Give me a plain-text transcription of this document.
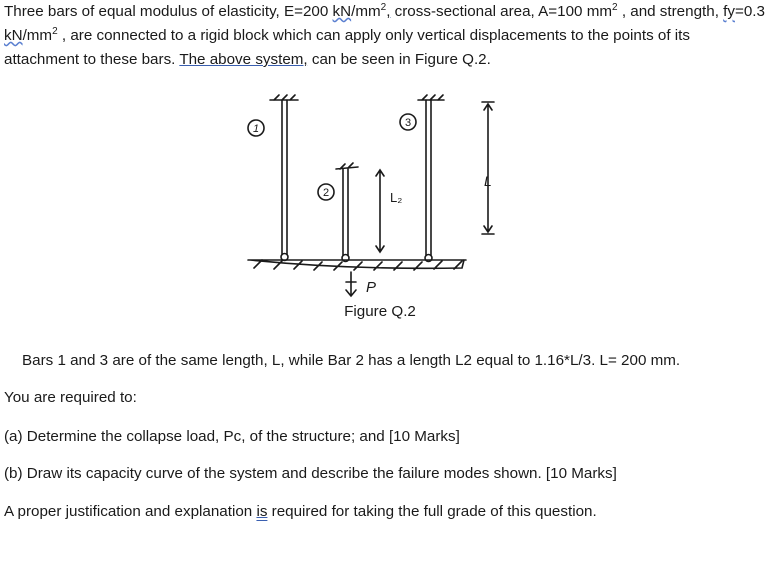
Three bars of equal modulus of elasticity, E=200 $kN/mm^2$, cross-sectional area, A=100 $mm^2$ , and strength, fy=0.3 $kN/mm^2$ , are connected to a rigid block which can apply only vertical displacements to the points of its attachment to these bars. The above system, can be seen in Figure Q.2.

1	3
2	L₂
L
P
Figure Q.2

Bars 1 and 3 are of the same length, L, while Bar 2 has a length L2 equal to 1.16*L/3. L= 200 mm.

You are required to:

(a) Determine the collapse load, Pc, of the structure; and [10 Marks]

(b) Draw its capacity curve of the system and describe the failure modes shown. [10 Marks]

A proper justification and explanation is required for taking the full grade of this question.
